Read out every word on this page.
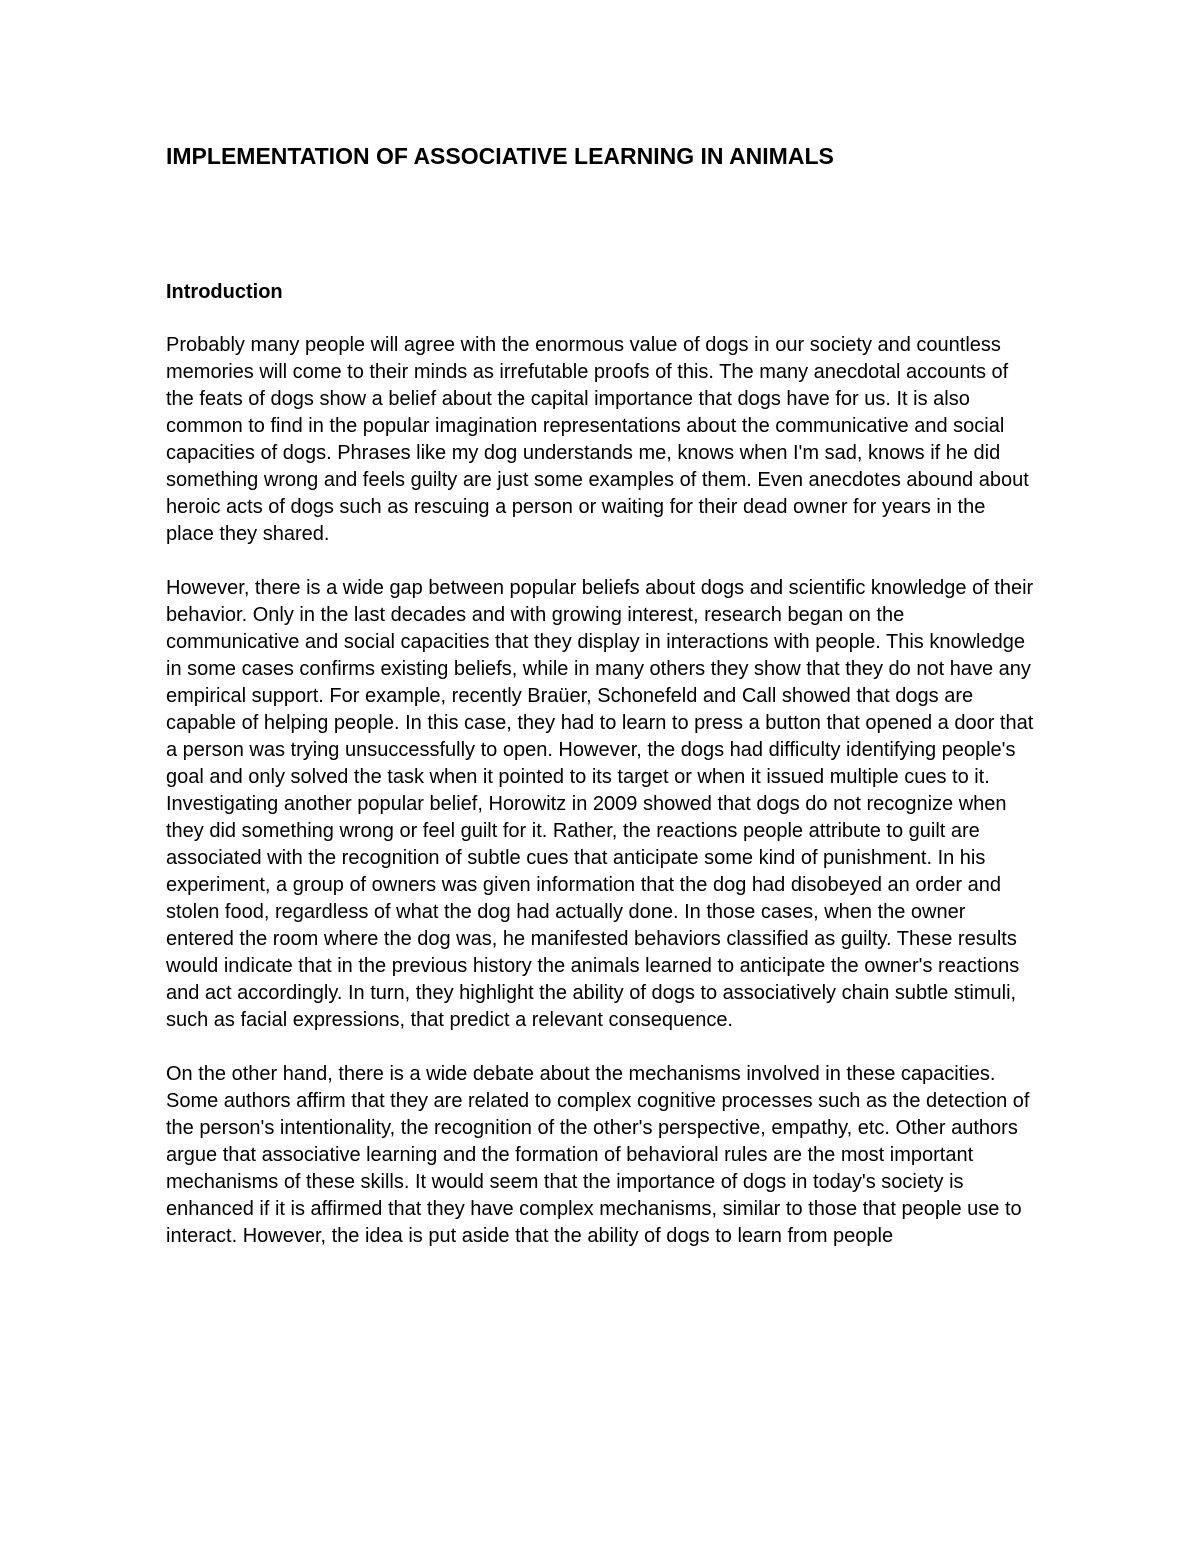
IMPLEMENTATION OF ASSOCIATIVE LEARNING IN ANIMALS
Introduction

Probably many people will agree with the enormous value of dogs in our society and countless memories will come to their minds as irrefutable proofs of this. The many anecdotal accounts of the feats of dogs show a belief about the capital importance that dogs have for us. It is also common to find in the popular imagination representations about the communicative and social capacities of dogs. Phrases like my dog understands me, knows when I'm sad, knows if he did something wrong and feels guilty are just some examples of them. Even anecdotes abound about heroic acts of dogs such as rescuing a person or waiting for their dead owner for years in the place they shared.

However, there is a wide gap between popular beliefs about dogs and scientific knowledge of their behavior. Only in the last decades and with growing interest, research began on the communicative and social capacities that they display in interactions with people. This knowledge in some cases confirms existing beliefs, while in many others they show that they do not have any empirical support. For example, recently Braüer, Schonefeld and Call showed that dogs are capable of helping people. In this case, they had to learn to press a button that opened a door that a person was trying unsuccessfully to open. However, the dogs had difficulty identifying people's goal and only solved the task when it pointed to its target or when it issued multiple cues to it. Investigating another popular belief, Horowitz in 2009 showed that dogs do not recognize when they did something wrong or feel guilt for it. Rather, the reactions people attribute to guilt are associated with the recognition of subtle cues that anticipate some kind of punishment. In his experiment, a group of owners was given information that the dog had disobeyed an order and stolen food, regardless of what the dog had actually done. In those cases, when the owner entered the room where the dog was, he manifested behaviors classified as guilty. These results would indicate that in the previous history the animals learned to anticipate the owner's reactions and act accordingly. In turn, they highlight the ability of dogs to associatively chain subtle stimuli, such as facial expressions, that predict a relevant consequence.

On the other hand, there is a wide debate about the mechanisms involved in these capacities. Some authors affirm that they are related to complex cognitive processes such as the detection of the person's intentionality, the recognition of the other's perspective, empathy, etc. Other authors argue that associative learning and the formation of behavioral rules are the most important mechanisms of these skills. It would seem that the importance of dogs in today's society is enhanced if it is affirmed that they have complex mechanisms, similar to those that people use to interact. However, the idea is put aside that the ability of dogs to learn from people
